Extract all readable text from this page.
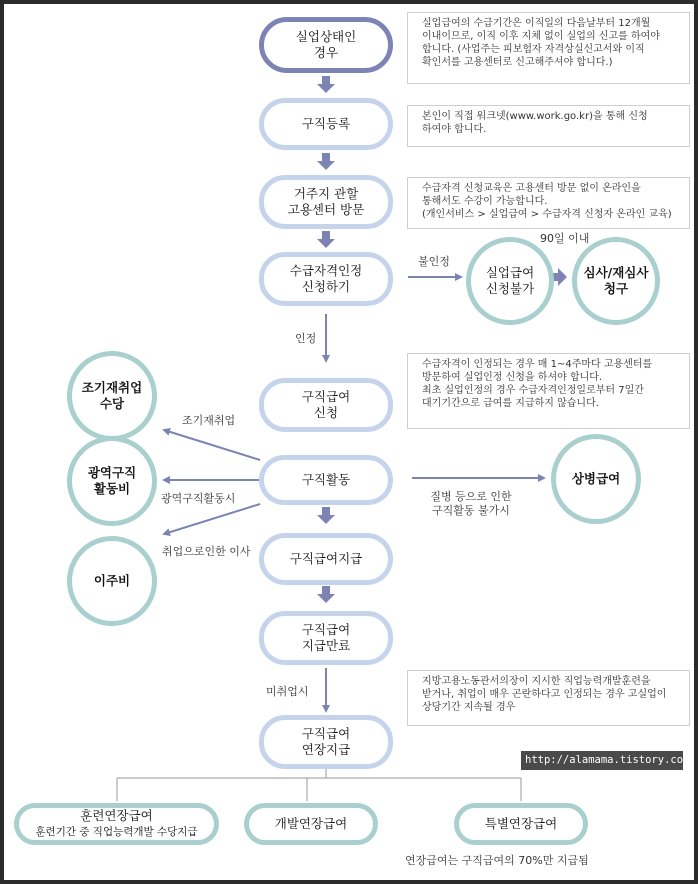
실업상태인
경우
구직등록
거주지 관할
고용센터 방문
수급자격인정
신청하기
구직급여
신청
구직활동
구직급여지급
구직급여
지급만료
구직급여
연장지급
실업급여
신청불가
심사/재심사
청구
조기재취업
수당
광역구직
활동비
이주비
상병급여
실업급여의 수급기간은 이직일의 다음날부터 12개월
이내이므로, 이직 이후 지체 없이 실업의 신고를 하여야
합니다. (사업주는 피보험자 자격상실신고서와 이직
확인서를 고용센터로 신고해주셔야 합니다.)
본인이 직접 워크넷(www.work.go.kr)을 통해 신청
하여야 합니다.
수급자격 신청교육은 고용센터 방문 없이 온라인을
통해서도 수강이 가능합니다.
(개인서비스 > 실업급여 > 수급자격 신청자 온라인 교육)
수급자격이 인정되는 경우 매 1~4주마다 고용센터를
방문하여 실업인정 신청을 하셔야 합니다.
최초 실업인정의 경우 수급자격인정일로부터 7일간
대기기간으로 급여를 지급하지 않습니다.
지방고용노동관서의장이 지시한 직업능력개발훈련을
받거나, 취업이 매우 곤란하다고 인정되는 경우 고실업이
상당기간 지속될 경우
불인정
90일 이내
인정
조기재취업
광역구직활동시
취업으로인한 이사
질병 등으로 인한
구직활동 불가시
미취업시
연장급여는 구직급여의 70%만 지급됨
http://alamama.tistory.com
훈련연장급여
훈련기간 중 직업능력개발 수당지급
개발연장급여	특별연장급여
